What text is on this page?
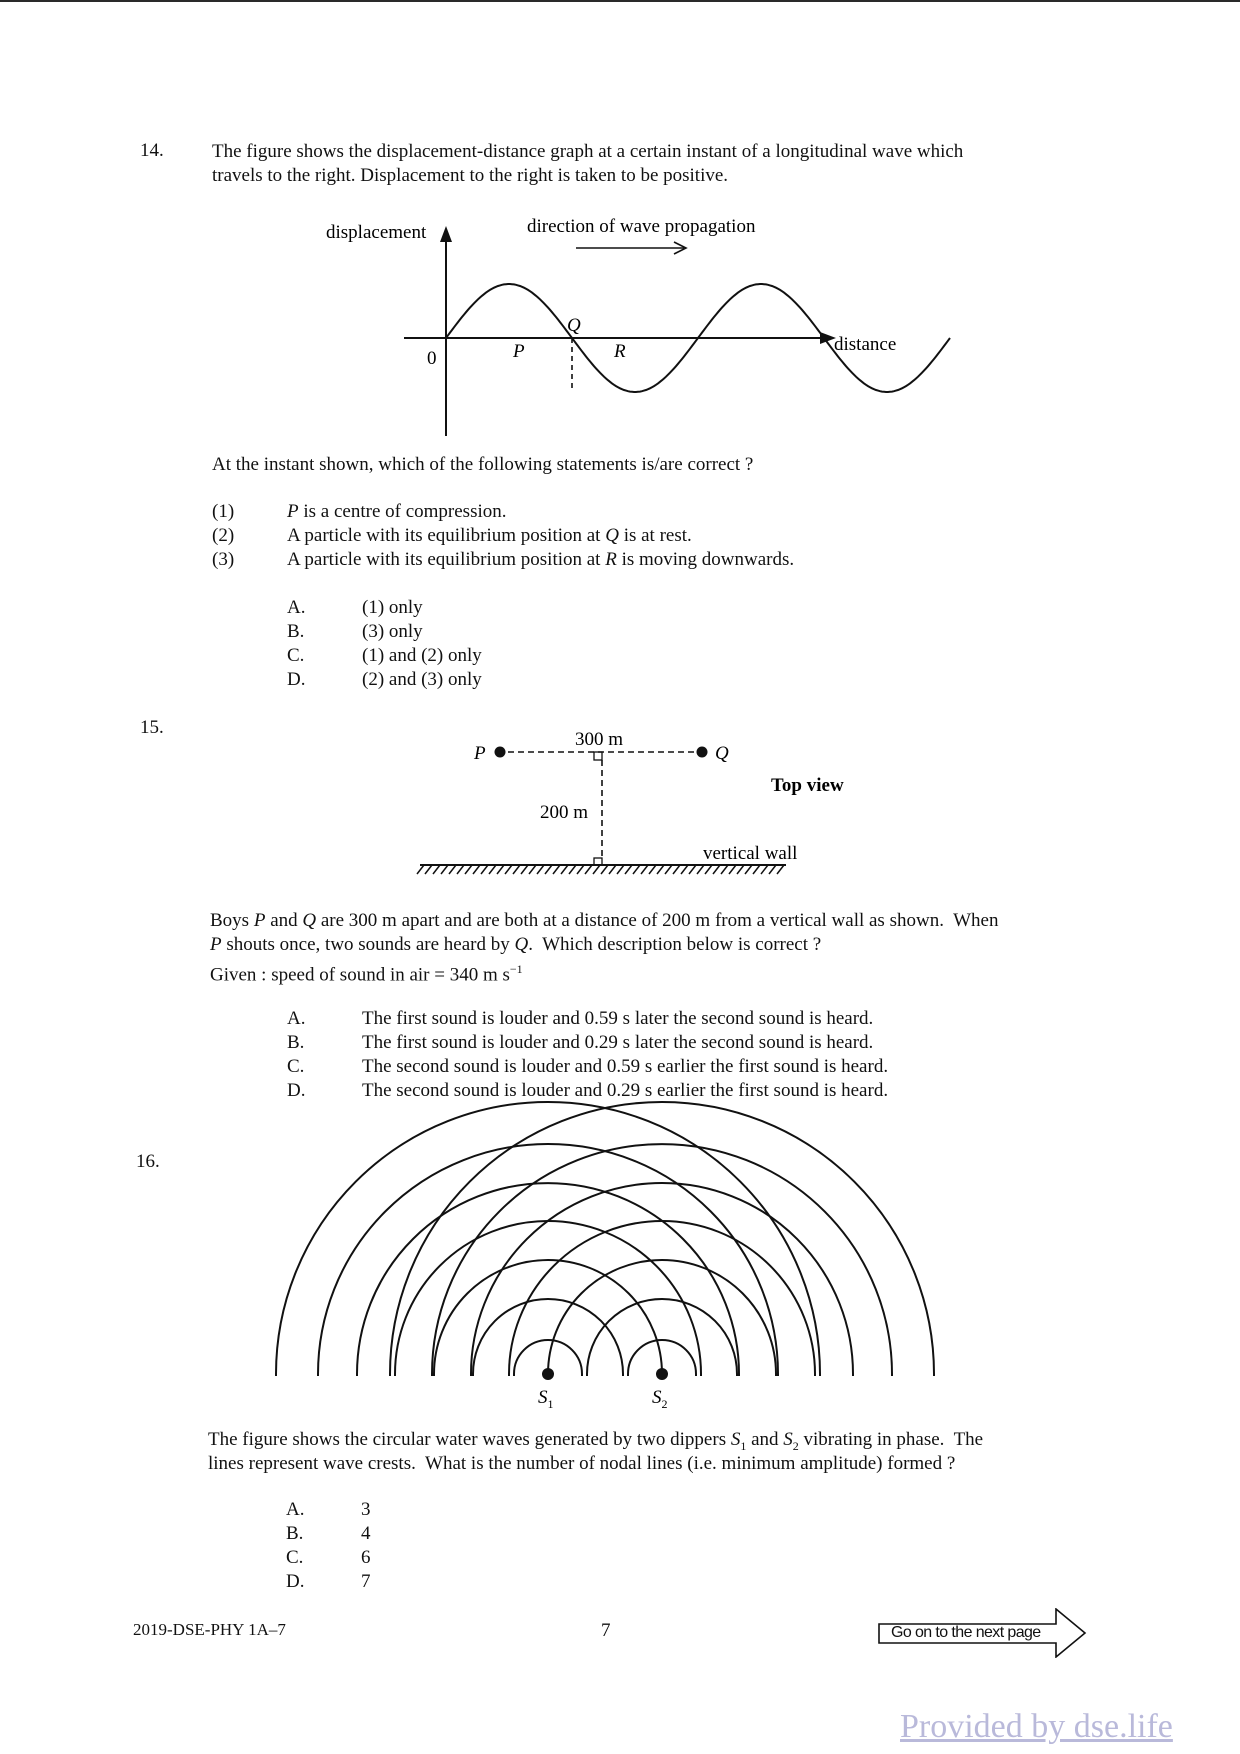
14.	The figure shows the displacement-distance graph at a certain instant of a longitudinal wave which
travels to the right. Displacement to the right is taken to be positive.
displacement
distance
0
direction of wave propagation
P
Q
R
At the instant shown, which of the following statements is/are correct ?
(1)	P is a centre of compression.
(2)	A particle with its equilibrium position at Q is at rest.
(3)	A particle with its equilibrium position at R is moving downwards.
A.	(1) only
B.	(3) only
C.	(1) and (2) only
D.	(2) and (3) only
15.
P	Q
300 m
200 m
Top view
vertical wall
Boys P and Q are 300 m apart and are both at a distance of 200 m from a vertical wall as shown.  When
P shouts once, two sounds are heard by Q.  Which description below is correct ?
Given : speed of sound in air = 340 m $s^{-1}$
A.	The first sound is louder and 0.59 s later the second sound is heard.
B.	The first sound is louder and 0.29 s later the second sound is heard.
C.	The second sound is louder and 0.59 s earlier the first sound is heard.
D.	The second sound is louder and 0.29 s earlier the first sound is heard.
16.
$S_1$	$S_2$
The figure shows the circular water waves generated by two dippers $S_1$ and $S_2$ vibrating in phase.  The
lines represent wave crests.  What is the number of nodal lines (i.e. minimum amplitude) formed ?
A.	3
B.	4
C.	6
D.	7
2019-DSE-PHY 1A–7	7	Go on to the next page
Provided by dse.life
